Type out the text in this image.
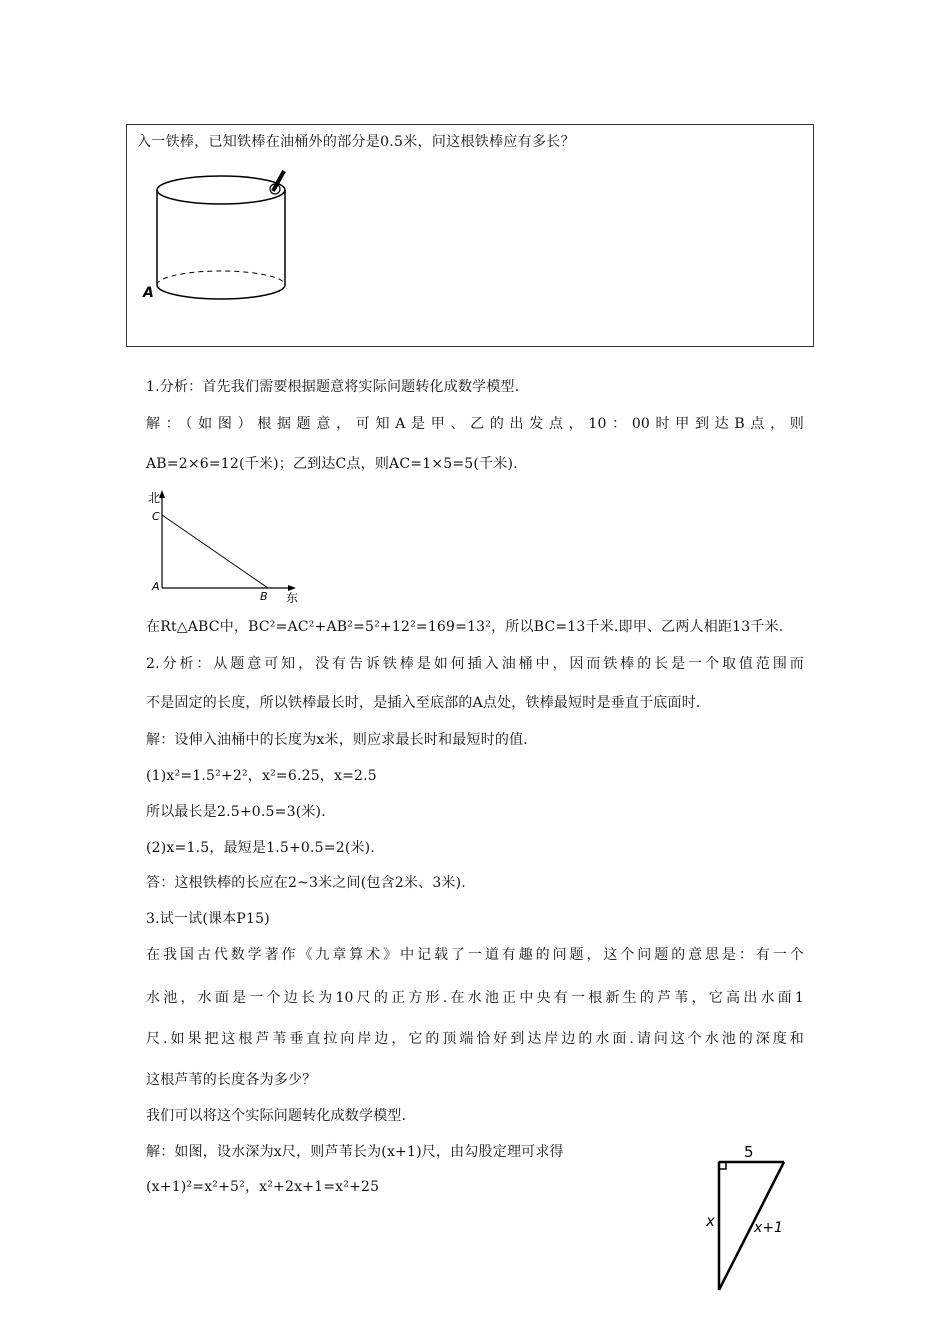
入一铁棒，已知铁棒在油桶外的部分是0.5米，问这根铁棒应有多长？
A
1.分析：首先我们需要根据题意将实际问题转化成数学模型.
解：（如图）根据题意，可知A是甲、乙的出发点，10：00时甲到达B点，则
AB=2×6=12(千米)；乙到达C点，则AC=1×5=5(千米).
北
东
C
A
B
在Rt△ABC中，BC²=AC²+AB²=5²+12²=169=13²，所以BC=13千米.即甲、乙两人相距13千米.
2.分析：从题意可知，没有告诉铁棒是如何插入油桶中，因而铁棒的长是一个取值范围而
不是固定的长度，所以铁棒最长时，是插入至底部的A点处，铁棒最短时是垂直于底面时.
解：设伸入油桶中的长度为x米，则应求最长时和最短时的值.
(1)x²=1.5²+2²，x²=6.25，x=2.5
所以最长是2.5+0.5=3(米).
(2)x=1.5，最短是1.5+0.5=2(米).
答：这根铁棒的长应在2~3米之间(包含2米、3米).
3.试一试(课本P15)
在我国古代数学著作《九章算术》中记载了一道有趣的问题，这个问题的意思是：有一个
水池，水面是一个边长为10尺的正方形.在水池正中央有一根新生的芦苇，它高出水面1
尺.如果把这根芦苇垂直拉向岸边，它的顶端恰好到达岸边的水面.请问这个水池的深度和
这根芦苇的长度各为多少？
我们可以将这个实际问题转化成数学模型.
解：如图，设水深为x尺，则芦苇长为(x+1)尺，由勾股定理可求得
(x+1)²=x²+5²，x²+2x+1=x²+25
5
x	x+1
